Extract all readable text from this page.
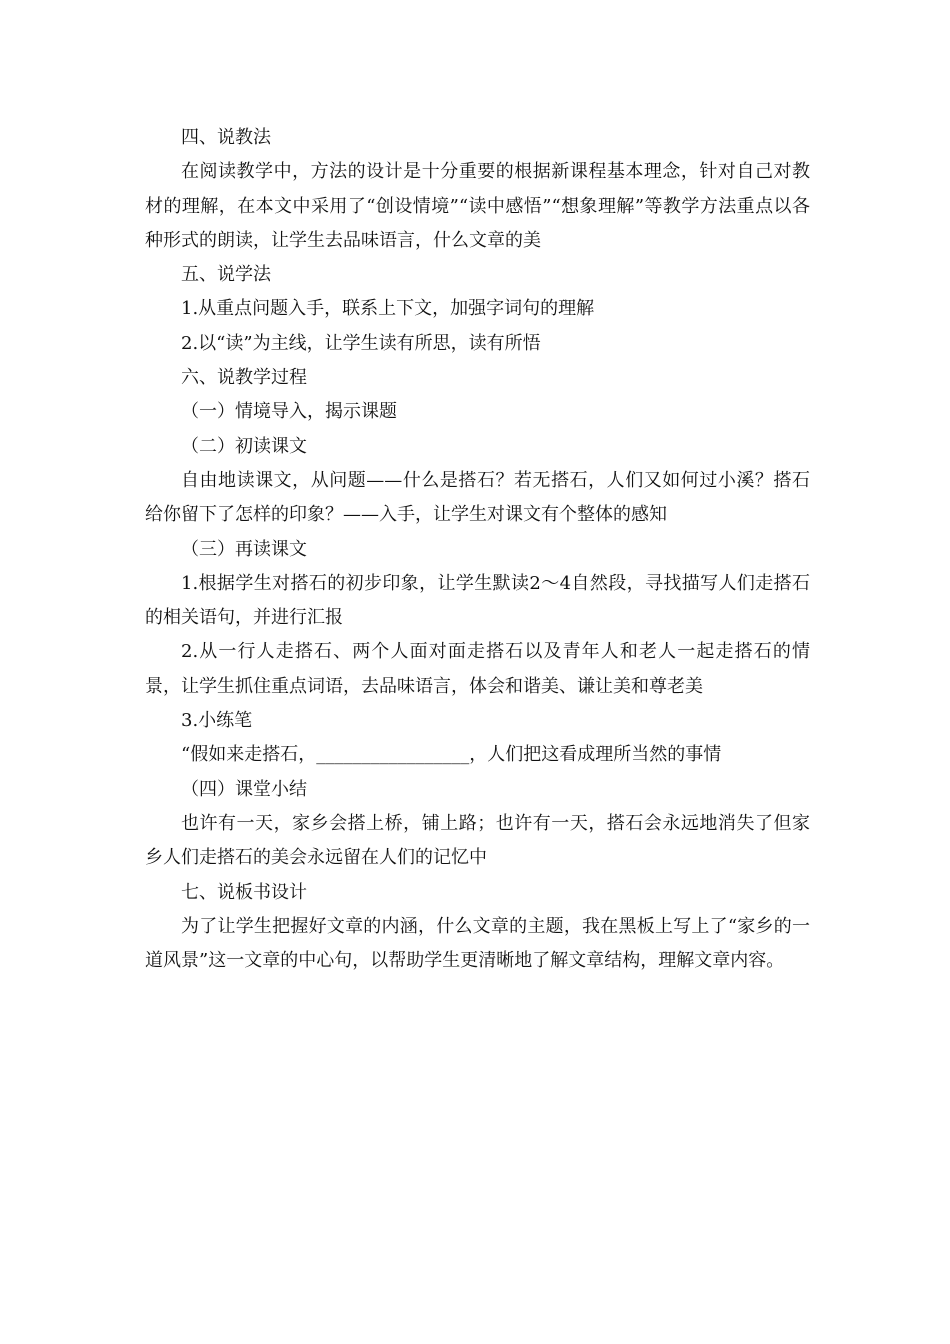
四、说教法

在阅读教学中，方法的设计是十分重要的根据新课程基本理念，针对自己对教材的理解，在本文中采用了“创设情境”“读中感悟”“想象理解”等教学方法重点以各种形式的朗读，让学生去品味语言，什么文章的美

五、说学法

1.从重点问题入手，联系上下文，加强字词句的理解

2.以“读”为主线，让学生读有所思，读有所悟

六、说教学过程

（一）情境导入，揭示课题

（二）初读课文

自由地读课文，从问题——什么是搭石？若无搭石，人们又如何过小溪？搭石给你留下了怎样的印象？——入手，让学生对课文有个整体的感知

（三）再读课文

1.根据学生对搭石的初步印象，让学生默读2～4自然段，寻找描写人们走搭石的相关语句，并进行汇报

2.从一行人走搭石、两个人面对面走搭石以及青年人和老人一起走搭石的情景，让学生抓住重点词语，去品味语言，体会和谐美、谦让美和尊老美

3.小练笔

“假如来走搭石，_________________，人们把这看成理所当然的事情

（四）课堂小结

也许有一天，家乡会搭上桥，铺上路；也许有一天，搭石会永远地消失了但家乡人们走搭石的美会永远留在人们的记忆中

七、说板书设计

为了让学生把握好文章的内涵，什么文章的主题，我在黑板上写上了“家乡的一道风景”这一文章的中心句，以帮助学生更清晰地了解文章结构，理解文章内容。
